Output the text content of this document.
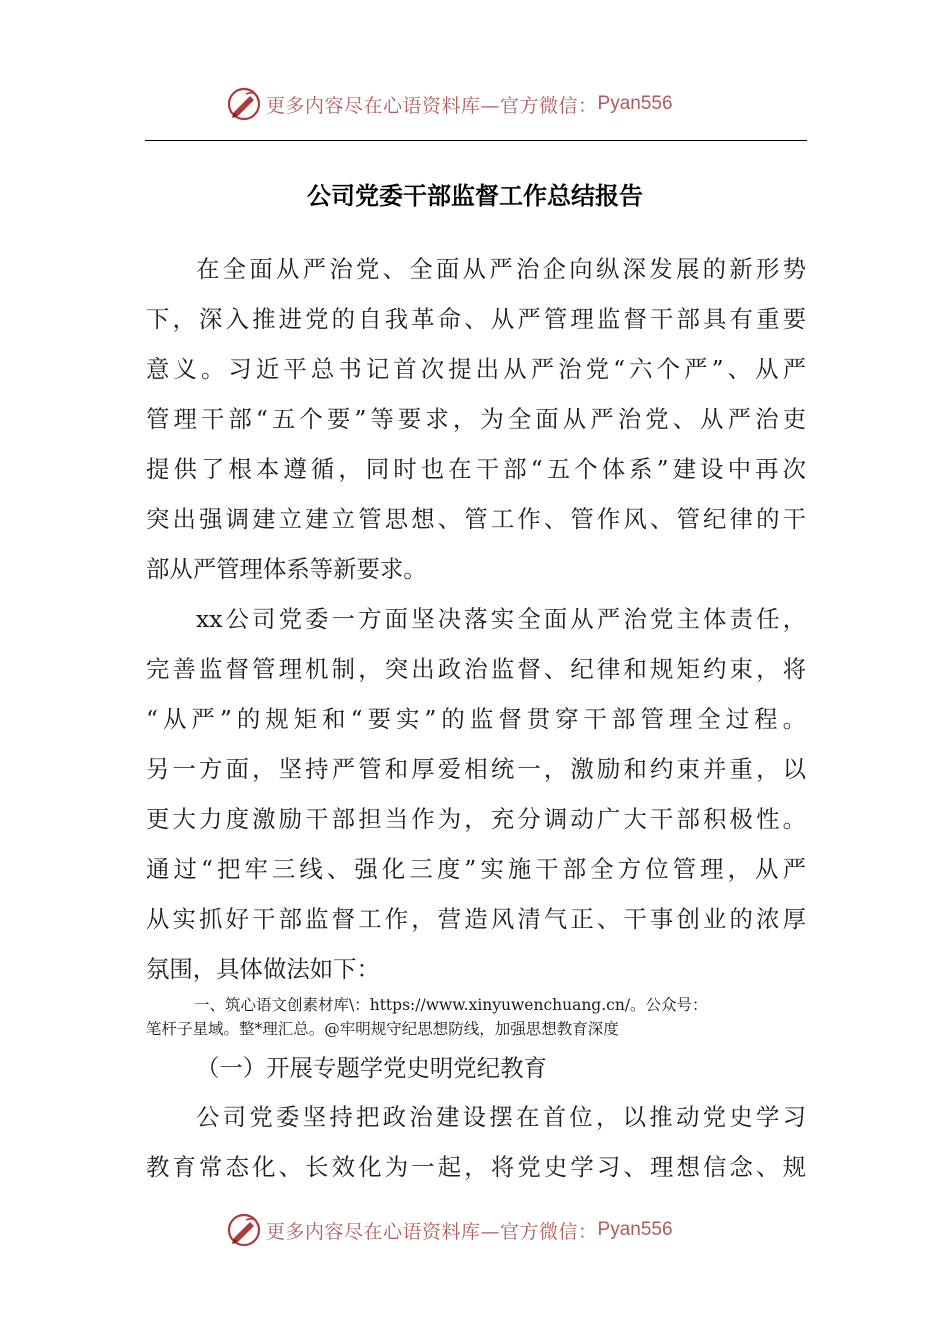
更多内容尽在心语资料库—官方微信： Pyan556
公司党委干部监督工作总结报告
在全面从严治党、全面从严治企向纵深发展的新形势
下，深入推进党的自我革命、从严管理监督干部具有重要
意义。习近平总书记首次提出从严治党“六个严”、从严
管理干部“五个要”等要求，为全面从严治党、从严治吏
提供了根本遵循，同时也在干部“五个体系”建设中再次
突出强调建立建立管思想、管工作、管作风、管纪律的干
部从严管理体系等新要求。
xx公司党委一方面坚决落实全面从严治党主体责任，
完善监督管理机制，突出政治监督、纪律和规矩约束，将
“从严”的规矩和“要实”的监督贯穿干部管理全过程。
另一方面，坚持严管和厚爱相统一，激励和约束并重，以
更大力度激励干部担当作为，充分调动广大干部积极性。
通过“把牢三线、强化三度”实施干部全方位管理，从严
从实抓好干部监督工作，营造风清气正、干事创业的浓厚
氛围，具体做法如下：
一、筑心语文创素材库\：https://www.xinyuwenchuang.cn/。公众号：
笔杆子星域。整*理汇总。@牢明规守纪思想防线，加强思想教育深度
（一）开展专题学党史明党纪教育
公司党委坚持把政治建设摆在首位，以推动党史学习
教育常态化、长效化为一起，将党史学习、理想信念、规
更多内容尽在心语资料库—官方微信： Pyan556
